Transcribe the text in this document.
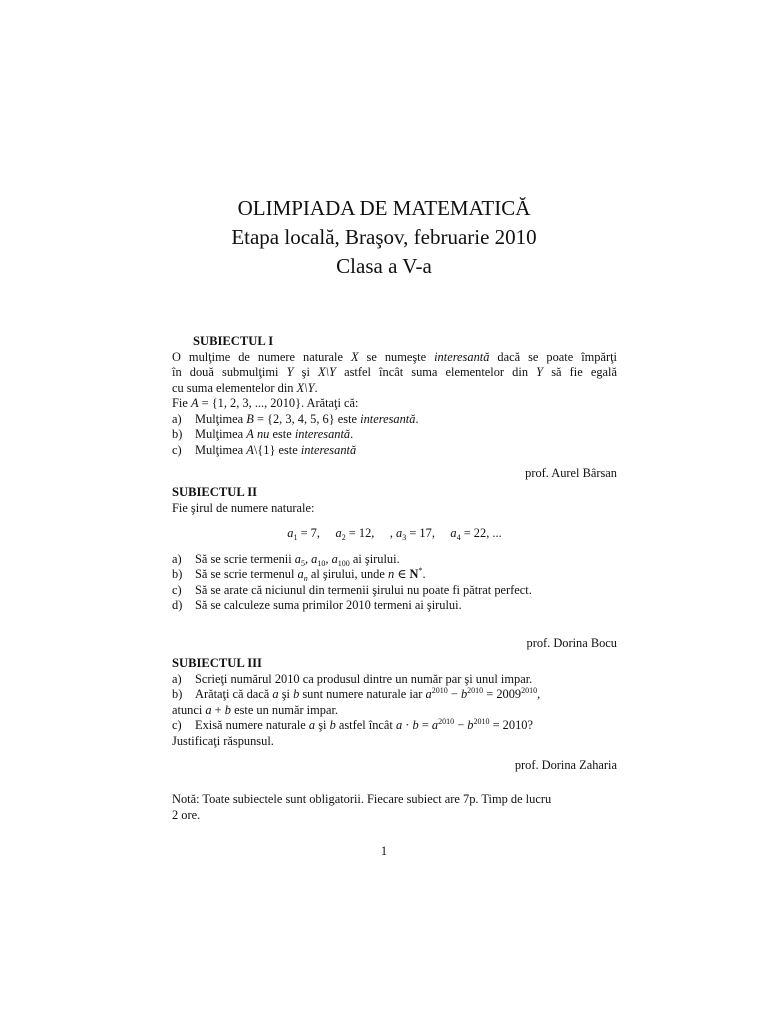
OLIMPIADA DE MATEMATICĂ
Etapa locală, Braşov, februarie 2010
Clasa a V-a
SUBIECTUL I
O mulţime de numere naturale X se numeşte interesantă dacă se poate împărţi
în două submulţimi Y şi X\Y astfel încât suma elementelor din Y să fie egală
cu suma elementelor din X\Y.
Fie A = {1, 2, 3, ..., 2010}. Arătaţi că:
a)	Mulţimea B = {2, 3, 4, 5, 6} este interesantă.
b)	Mulţimea A nu este interesantă.
c)	Mulţimea A\{1} este interesantă
prof. Aurel Bârsan
SUBIECTUL II
Fie şirul de numere naturale:
$a_1 = 7$, $a_2 = 12$, , $a_3 = 17$, $a_4 = 22$, ...
a)	Să se scrie termenii $a_5$, $a_{10}$, $a_{100}$ ai şirului.
b)	Să se scrie termenul $a_n$ al şirului, unde n ∈ N*.
c)	Să se arate că niciunul din termenii şirului nu poate fi pătrat perfect.
d)	Să se calculeze suma primilor 2010 termeni ai şirului.
prof. Dorina Bocu
SUBIECTUL III
a)	Scrieţi numărul 2010 ca produsul dintre un număr par şi unul impar.
b)	Arătaţi că dacă a şi b sunt numere naturale iar $a^{2010} - b^{2010} = 2009^{2010}$,
atunci a + b este un număr impar.
c)	Exisă numere naturale a şi b astfel încât $a \cdot b = a^{2010} - b^{2010} = 2010$?
Justificaţi răspunsul.
prof. Dorina Zaharia
Notă: Toate subiectele sunt obligatorii. Fiecare subiect are 7p. Timp de lucru
2 ore.
1
